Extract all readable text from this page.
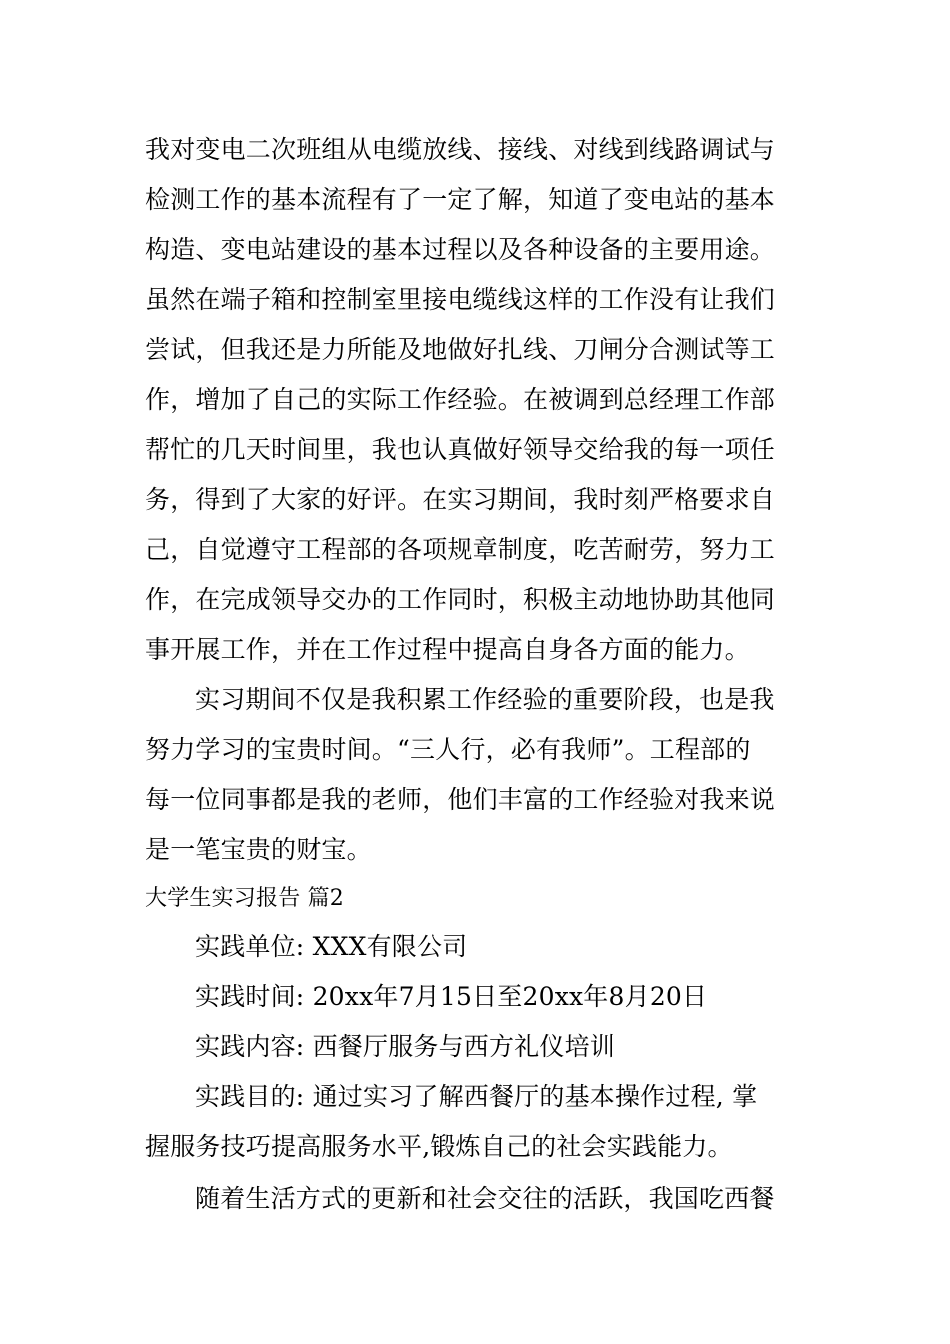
我对变电二次班组从电缆放线、接线、对线到线路调试与
检测工作的基本流程有了一定了解，知道了变电站的基本
构造、变电站建设的基本过程以及各种设备的主要用途。
虽然在端子箱和控制室里接电缆线这样的工作没有让我们
尝试，但我还是力所能及地做好扎线、刀闸分合测试等工
作，增加了自己的实际工作经验。在被调到总经理工作部
帮忙的几天时间里，我也认真做好领导交给我的每一项任
务，得到了大家的好评。在实习期间，我时刻严格要求自
己，自觉遵守工程部的各项规章制度，吃苦耐劳，努力工
作，在完成领导交办的工作同时，积极主动地协助其他同
事开展工作，并在工作过程中提高自身各方面的能力。
实习期间不仅是我积累工作经验的重要阶段，也是我
努力学习的宝贵时间。“三人行，必有我师”。工程部的
每一位同事都是我的老师，他们丰富的工作经验对我来说
是一笔宝贵的财宝。
大学生实习报告 篇2
实践单位: XXX有限公司
实践时间: 20xx年7月15日至20xx年8月20日
实践内容: 西餐厅服务与西方礼仪培训
实践目的: 通过实习了解西餐厅的基本操作过程, 掌
握服务技巧提高服务水平,锻炼自己的社会实践能力。
随着生活方式的更新和社会交往的活跃，我国吃西餐
